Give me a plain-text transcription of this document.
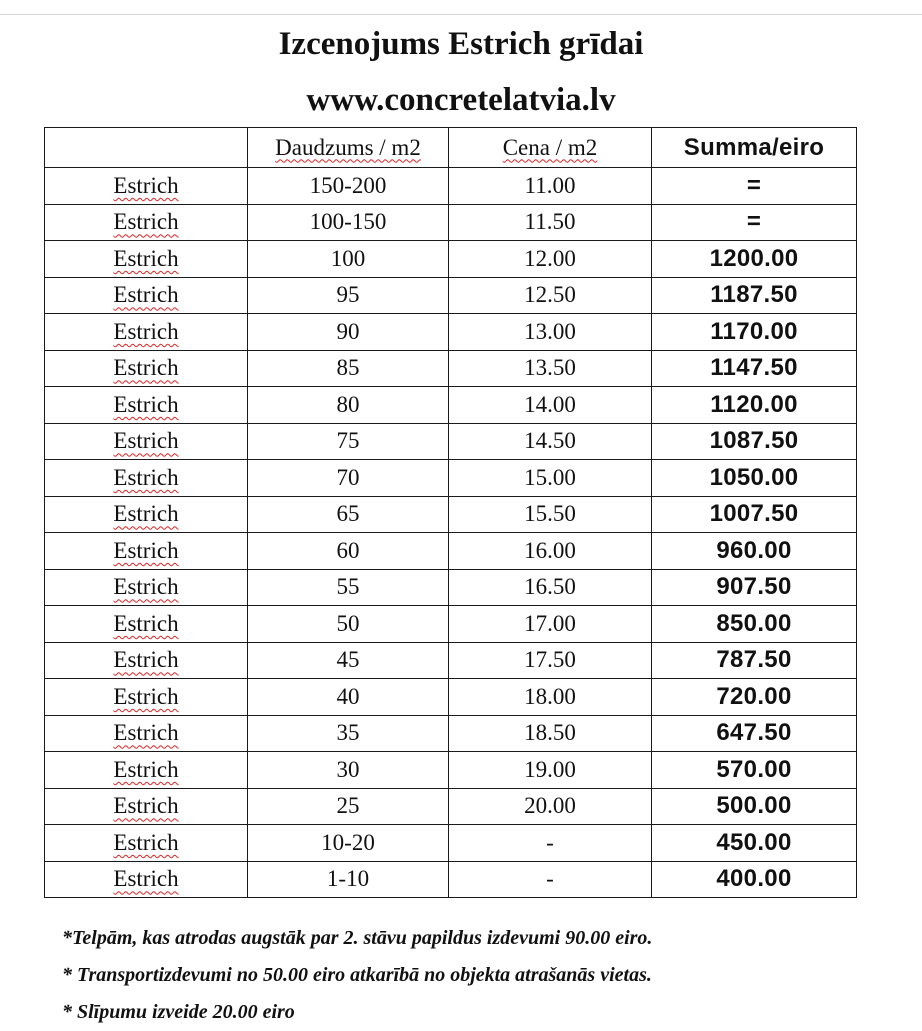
Izcenojums Estrich grīdai
www.concretelatvia.lv
	Daudzums / m2	Cena / m2	Summa/eiro
Estrich	150-200	11.00	=
Estrich	100-150	11.50	=
Estrich	100	12.00	1200.00
Estrich	95	12.50	1187.50
Estrich	90	13.00	1170.00
Estrich	85	13.50	1147.50
Estrich	80	14.00	1120.00
Estrich	75	14.50	1087.50
Estrich	70	15.00	1050.00
Estrich	65	15.50	1007.50
Estrich	60	16.00	960.00
Estrich	55	16.50	907.50
Estrich	50	17.00	850.00
Estrich	45	17.50	787.50
Estrich	40	18.00	720.00
Estrich	35	18.50	647.50
Estrich	30	19.00	570.00
Estrich	25	20.00	500.00
Estrich	10-20	-	450.00
Estrich	1-10	-	400.00
*Telpām, kas atrodas augstāk par 2. stāvu papildus izdevumi 90.00 eiro.
* Transportizdevumi no 50.00 eiro atkarībā no objekta atrašanās vietas.
* Slīpumu izveide 20.00 eiro
